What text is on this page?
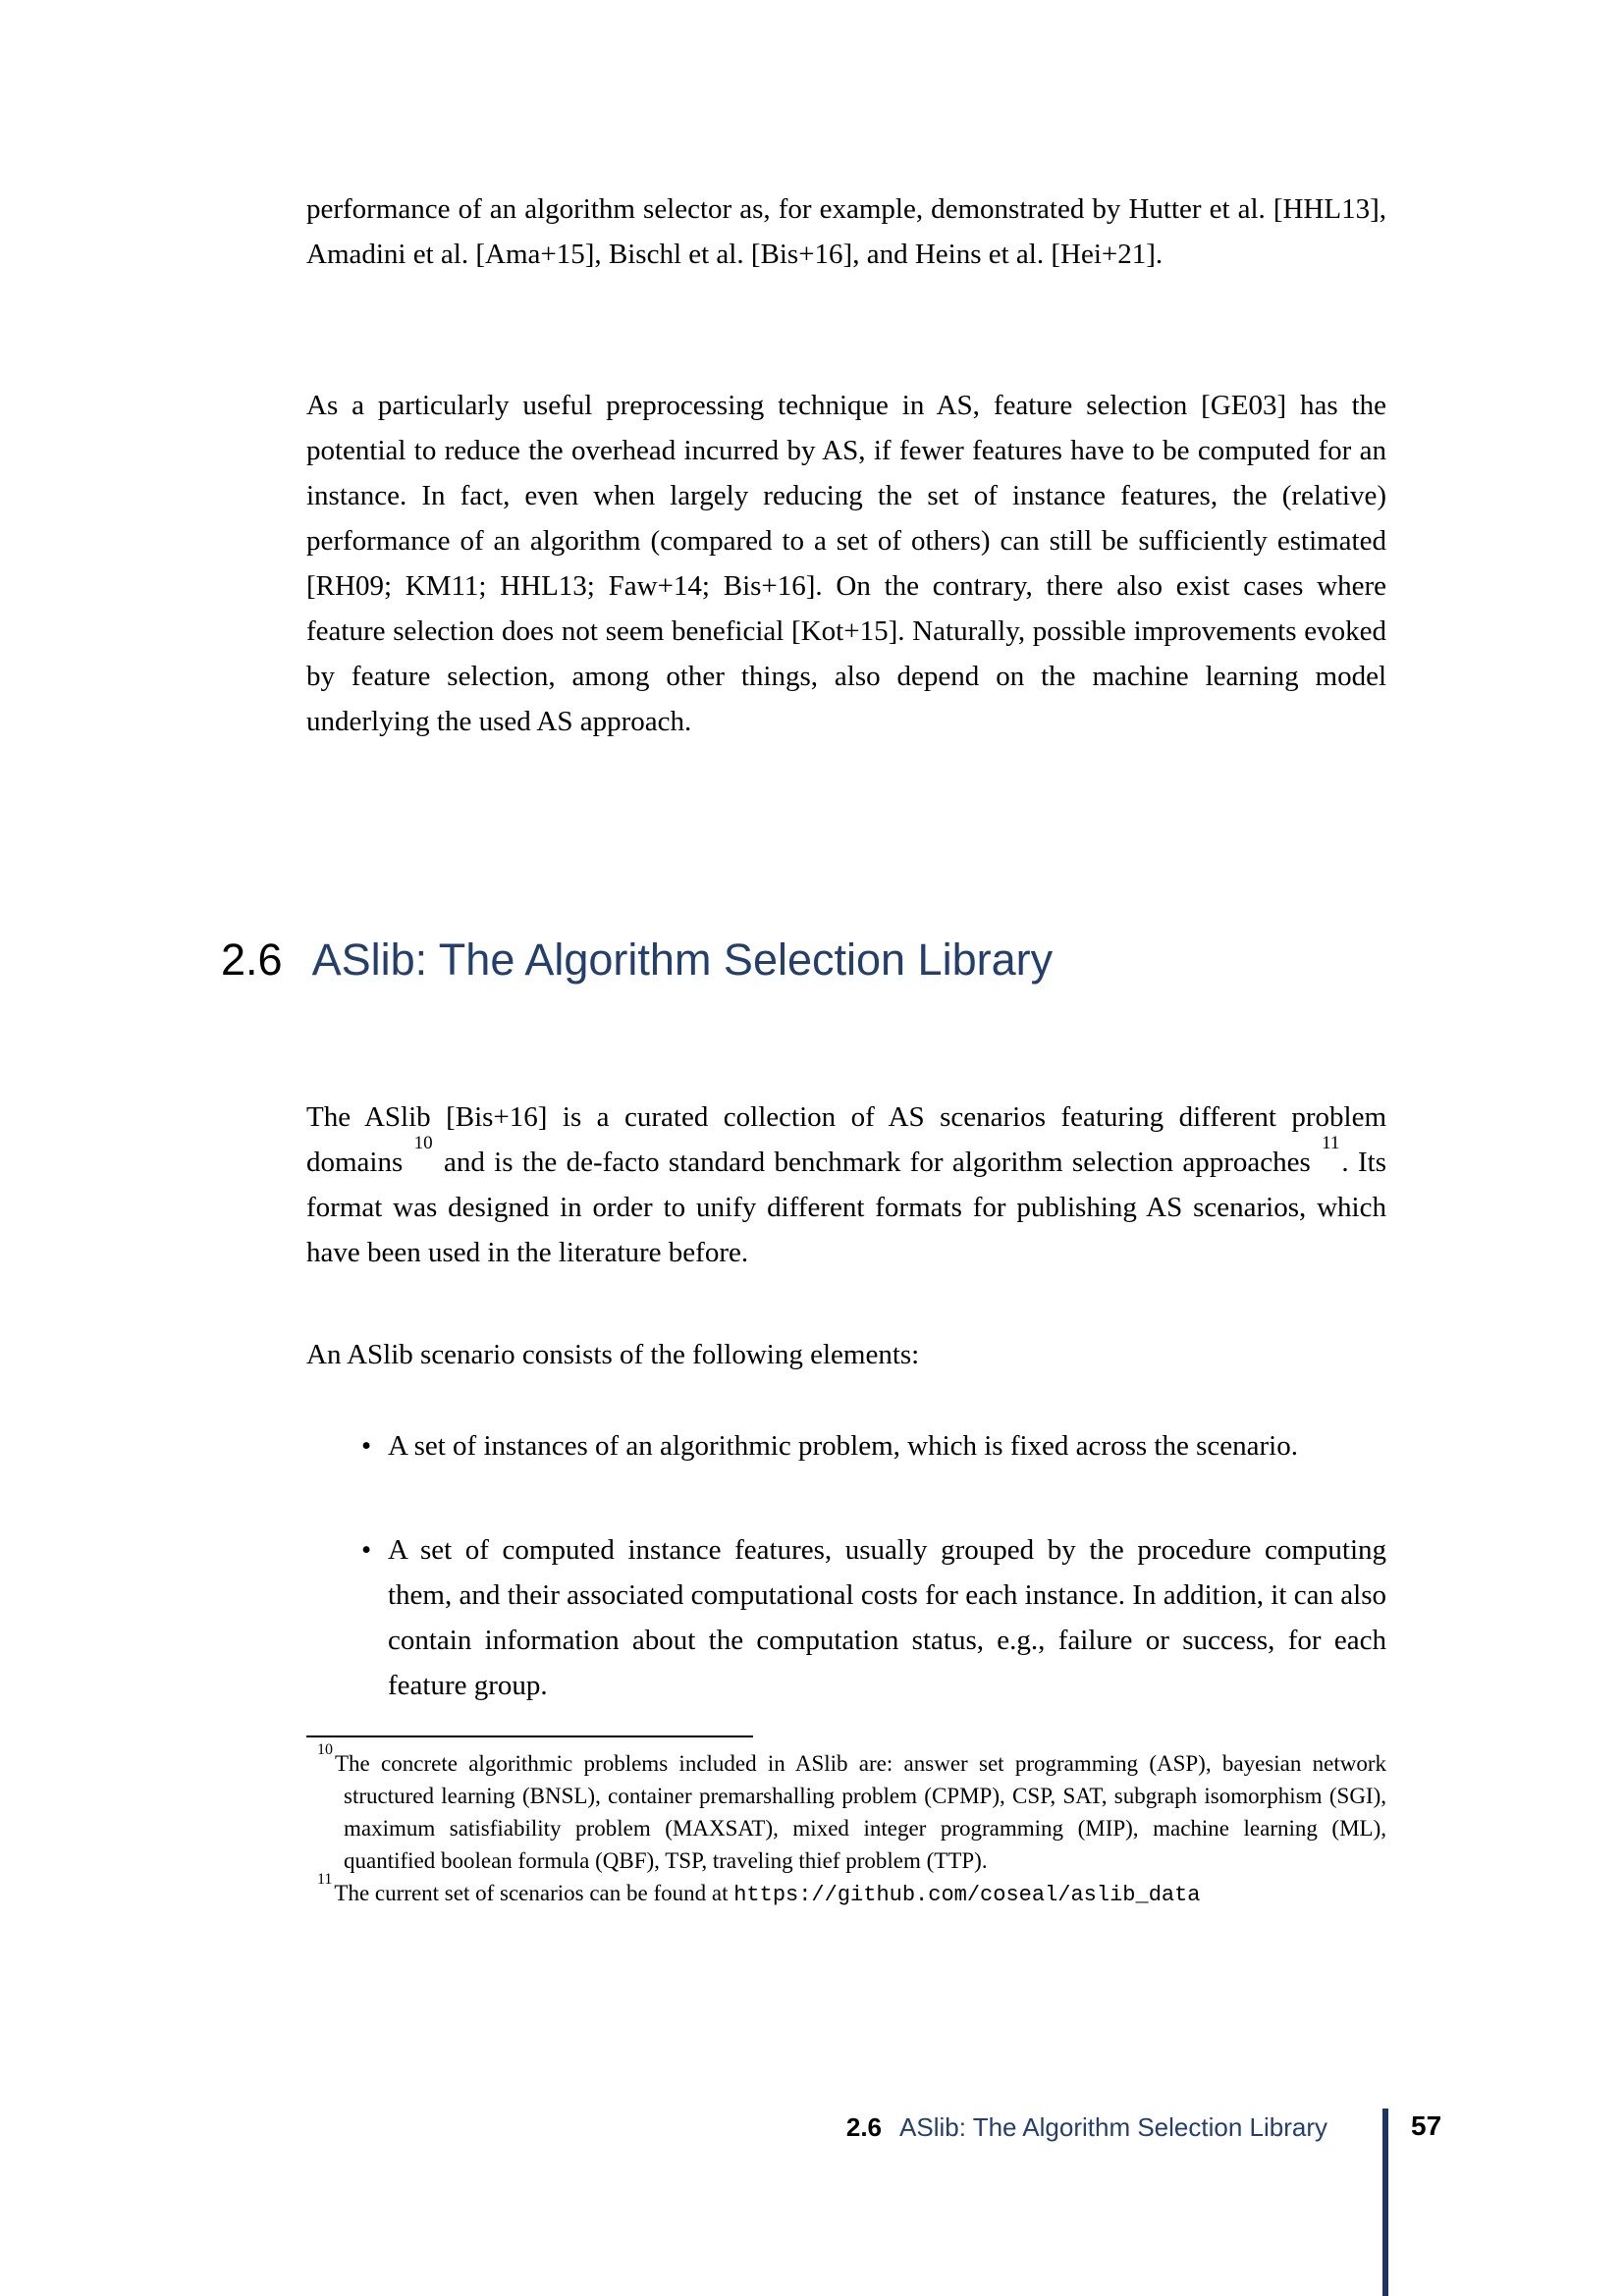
performance of an algorithm selector as, for example, demonstrated by Hutter et al. [HHL13], Amadini et al. [Ama+15], Bischl et al. [Bis+16], and Heins et al. [Hei+21].

As a particularly useful preprocessing technique in AS, feature selection [GE03] has the potential to reduce the overhead incurred by AS, if fewer features have to be computed for an instance. In fact, even when largely reducing the set of instance features, the (relative) performance of an algorithm (compared to a set of others) can still be sufficiently estimated [RH09; KM11; HHL13; Faw+14; Bis+16]. On the contrary, there also exist cases where feature selection does not seem beneficial [Kot+15]. Naturally, possible improvements evoked by feature selection, among other things, also depend on the machine learning model underlying the used AS approach.

2.6 ASlib: The Algorithm Selection Library

The ASlib [Bis+16] is a curated collection of AS scenarios featuring different problem domains $^{10}$ and is the de-facto standard benchmark for algorithm selection approaches $^{11}$. Its format was designed in order to unify different formats for publishing AS scenarios, which have been used in the literature before.

An ASlib scenario consists of the following elements:

• A set of instances of an algorithmic problem, which is fixed across the scenario.

• A set of computed instance features, usually grouped by the procedure computing them, and their associated computational costs for each instance. In addition, it can also contain information about the computation status, e.g., failure or success, for each feature group.

$^{10}$The concrete algorithmic problems included in ASlib are: answer set programming (ASP), bayesian network structured learning (BNSL), container premarshalling problem (CPMP), CSP, SAT, subgraph isomorphism (SGI), maximum satisfiability problem (MAXSAT), mixed integer programming (MIP), machine learning (ML), quantified boolean formula (QBF), TSP, traveling thief problem (TTP).

$^{11}$The current set of scenarios can be found at https://github.com/coseal/aslib_data

2.6 ASlib: The Algorithm Selection Library	57
